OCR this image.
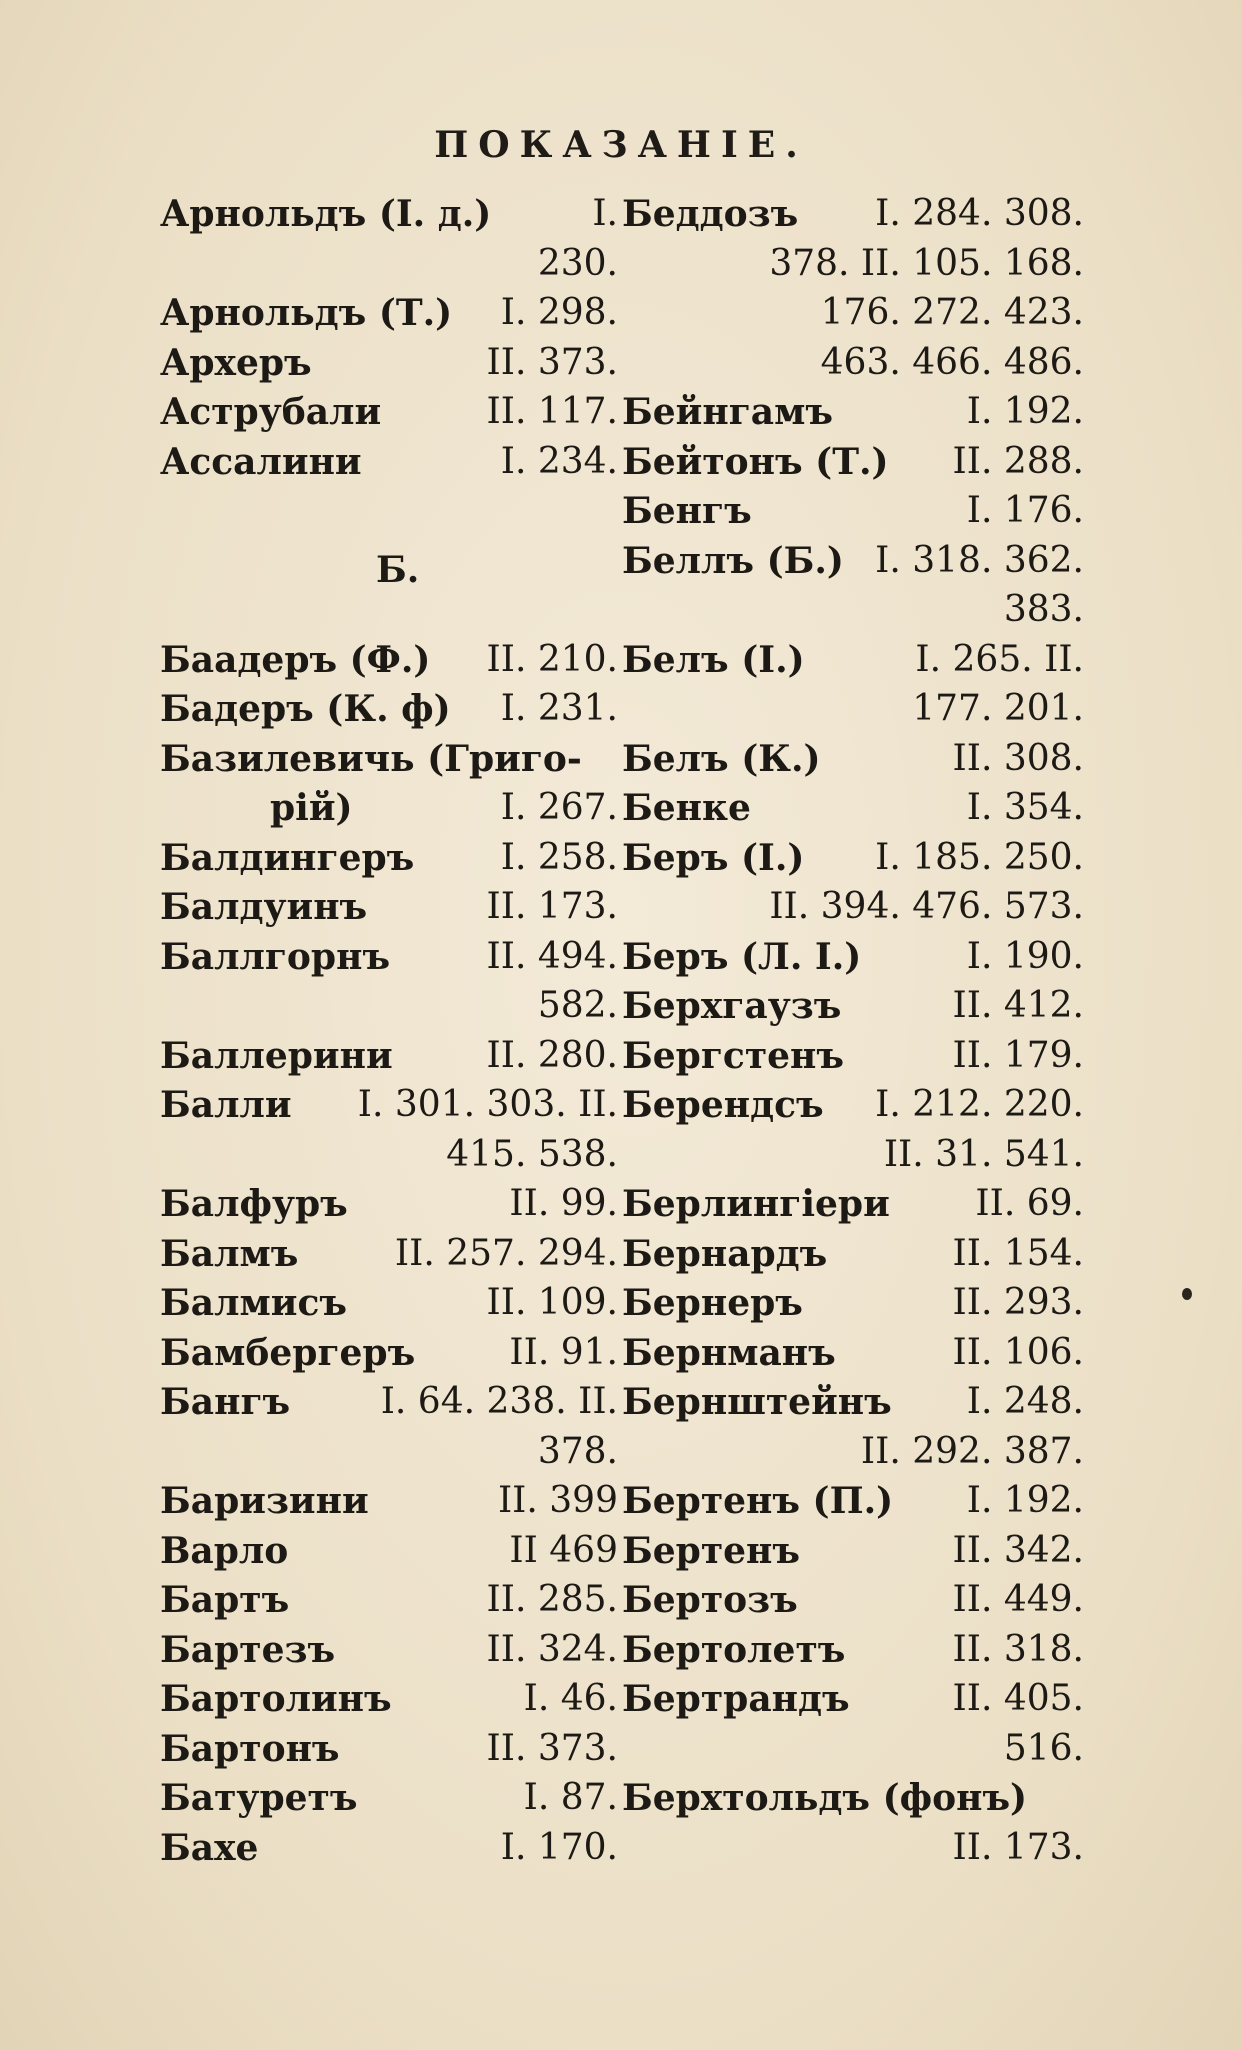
ПОКАЗАНІЕ.
Арнольдъ (I. д.)	I.
230.
Арнольдъ (Т.) I. 298.
Археръ	II. 373.
Аструбали	II. 117.
Ассалини	I. 234.
Баадеръ (Ф.) II. 210.
Бадеръ (К. ф) I. 231.
Базилевичь (Григо-
рій)	I. 267.
Балдингеръ I. 258.
Балдуинъ	II. 173.
Баллгорнъ	II. 494.
582.
Баллерини	II. 280.
Балли I. 301. 303. II.
415. 538.
Балфуръ	II. 99.
Балмъ	II. 257. 294.
Балмисъ	II. 109.
Бамбергеръ	II. 91.
Бангъ	I. 64. 238. II.
378.
Баризини	II. 399
Варло	II 469
Бартъ	II. 285.
Бартезъ	II. 324.
Бартолинъ	I. 46.
Бартонъ	II. 373.
Батуретъ	I. 87.
Бахе	I. 170.
Беддозъ I. 284. 308.
378. II. 105. 168.
176. 272. 423.
463. 466. 486.
Бейнгамъ	I. 192.
Бейтонъ (Т.) II. 288.
Бенгъ	I. 176.
Беллъ (Б.) I. 318. 362.
383.
Белъ (I.)	I. 265. II.
177. 201.
Белъ (К.)	II. 308.
Бенке	I. 354.
Беръ (I.) I. 185. 250.
II. 394. 476. 573.
Беръ (Л. I.)	I. 190.
Берхгаузъ	II. 412.
Бергстенъ	II. 179.
Берендсъ I. 212. 220.
II. 31. 541.
Берлингіери II. 69.
Бернардъ	II. 154.
Бернеръ	II. 293.
Бернманъ	II. 106.
Бернштейнъ I. 248.
II. 292. 387.
Бертенъ (П.) I. 192.
Бертенъ	II. 342.
Бертозъ	II. 449.
Бертолетъ	II. 318.
Бертрандъ	II. 405.
516.
Берхтольдъ (фонъ)
II. 173.
Б.
